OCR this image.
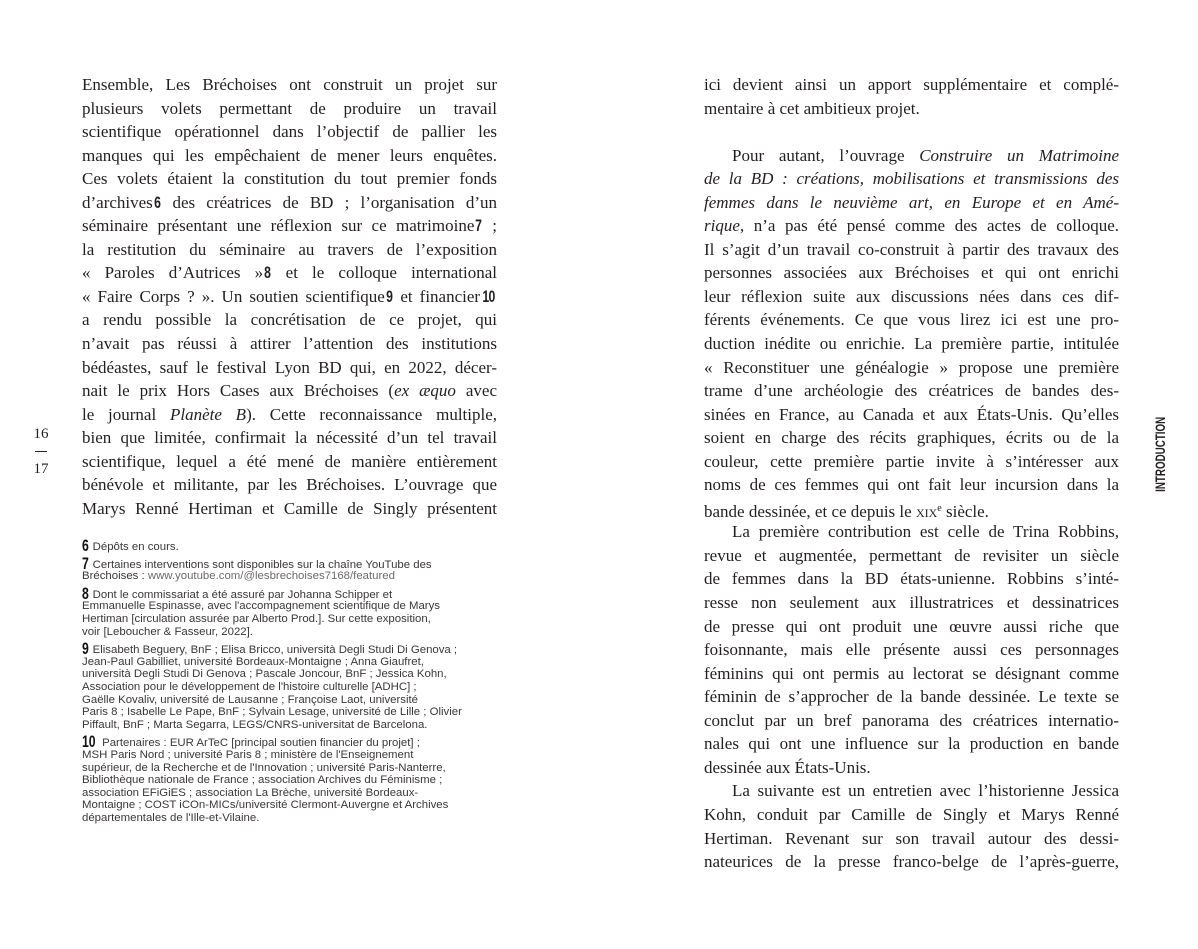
Ensemble, Les Bréchoises ont construit un projet sur
plusieurs volets permettant de produire un travail
scientifique opérationnel dans l’objectif de pallier les
manques qui les empêchaient de mener leurs enquêtes.
Ces volets étaient la constitution du tout premier fonds
d’archives6 des créatrices de BD ; l’organisation d’un
séminaire présentant une réflexion sur ce matrimoine7 ;
la restitution du séminaire au travers de l’exposition
« Paroles d’Autrices »8 et le colloque international
« Faire Corps ? ». Un soutien scientifique9 et financier 10
a rendu possible la concrétisation de ce projet, qui
n’avait pas réussi à attirer l’attention des institutions
bédéastes, sauf le festival Lyon BD qui, en 2022, décer-
nait le prix Hors Cases aux Bréchoises (ex æquo avec
le journal Planète B). Cette reconnaissance multiple,
bien que limitée, confirmait la nécessité d’un tel travail
scientifique, lequel a été mené de manière entièrement
bénévole et militante, par les Bréchoises. L’ouvrage que
Marys Renné Hertiman et Camille de Singly présentent
ici devient ainsi un apport supplémentaire et complé-
mentaire à cet ambitieux projet.
Pour autant, l’ouvrage Construire un Matrimoine
de la BD : créations, mobilisations et transmissions des
femmes dans le neuvième art, en Europe et en Amé-
rique, n’a pas été pensé comme des actes de colloque.
Il s’agit d’un travail co-construit à partir des travaux des
personnes associées aux Bréchoises et qui ont enrichi
leur réflexion suite aux discussions nées dans ces dif-
férents événements. Ce que vous lirez ici est une pro-
duction inédite ou enrichie. La première partie, intitulée
« Reconstituer une généalogie » propose une première
trame d’une archéologie des créatrices de bandes des-
sinées en France, au Canada et aux États-Unis. Qu’elles
soient en charge des récits graphiques, écrits ou de la
couleur, cette première partie invite à s’intéresser aux
noms de ces femmes qui ont fait leur incursion dans la
bande dessinée, et ce depuis le xix$^e$ siècle.
La première contribution est celle de Trina Robbins,
revue et augmentée, permettant de revisiter un siècle
de femmes dans la BD états-unienne. Robbins s’inté-
resse non seulement aux illustratrices et dessinatrices
de presse qui ont produit une œuvre aussi riche que
foisonnante, mais elle présente aussi ces personnages
féminins qui ont permis au lectorat se désignant comme
féminin de s’approcher de la bande dessinée. Le texte se
conclut par un bref panorama des créatrices internatio-
nales qui ont une influence sur la production en bande
dessinée aux États-Unis.
La suivante est un entretien avec l’historienne Jessica
Kohn, conduit par Camille de Singly et Marys Renné
Hertiman. Revenant sur son travail autour des dessi-
nateurices de la presse franco-belge de l’après-guerre,
6 Dépôts en cours.
7 Certaines interventions sont disponibles sur la chaîne YouTube des
Bréchoises : www.youtube.com/@lesbrechoises7168/featured
8 Dont le commissariat a été assuré par Johanna Schipper et
Emmanuelle Espinasse, avec l'accompagnement scientifique de Marys
Hertiman [circulation assurée par Alberto Prod.]. Sur cette exposition,
voir [Leboucher & Fasseur, 2022].
9 Elisabeth Beguery, BnF ; Elisa Bricco, università Degli Studi Di Genova ;
Jean-Paul Gabilliet, université Bordeaux-Montaigne ; Anna Giaufret,
università Degli Studi Di Genova ; Pascale Joncour, BnF ; Jessica Kohn,
Association pour le développement de l'histoire culturelle [ADHC] ;
Gaëlle Kovaliv, université de Lausanne ; Françoise Laot, université
Paris 8 ; Isabelle Le Pape, BnF ; Sylvain Lesage, université de Lille ; Olivier
Piffault, BnF ; Marta Segarra, LEGS/CNRS-universitat de Barcelona.
10 Partenaires : EUR ArTeC [principal soutien financier du projet] ;
MSH Paris Nord ; université Paris 8 ; ministère de l'Enseignement
supérieur, de la Recherche et de l'Innovation ; université Paris-Nanterre,
Bibliothèque nationale de France ; association Archives du Féminisme ;
association EFiGiES ; association La Brèche, université Bordeaux-
Montaigne ; COST iCOn-MICs/université Clermont-Auvergne et Archives
départementales de l'Ille-et-Vilaine.
16
17	INTRODUCTION
